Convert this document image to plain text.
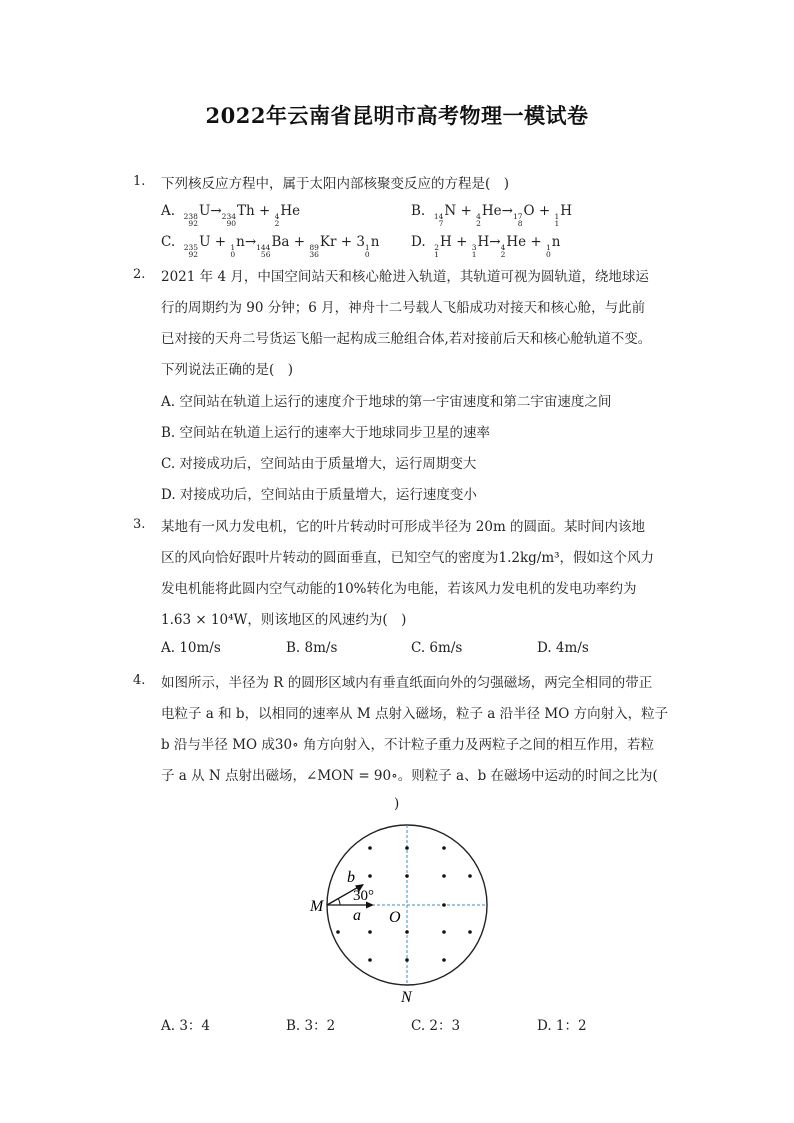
2022年云南省昆明市高考物理一模试卷
1. 下列核反应方程中，属于太阳内部核聚变反应的方程是(　)
A. 238
92
U→ 234
90
Th + 4
2
He	B. 14
7
N + 4
2
He→ 17
8
O + 1
1
H
C. 235
92
U + 1
0
n→ 144
56
Ba + 89
36
Kr + 3 1
0
n D. 2
1
H + 3
1
H→ 4
2
He + 1
0
n
2. 2021 年 4 月，中国空间站天和核心舱进入轨道，其轨道可视为圆轨道，绕地球运
行的周期约为 90 分钟；6 月，神舟十二号载人飞船成功对接天和核心舱，与此前
已对接的天舟二号货运飞船一起构成三舱组合体,若对接前后天和核心舱轨道不变。
下列说法正确的是(　)
A. 空间站在轨道上运行的速度介于地球的第一宇宙速度和第二宇宙速度之间
B. 空间站在轨道上运行的速率大于地球同步卫星的速率
C. 对接成功后，空间站由于质量增大，运行周期变大
D. 对接成功后，空间站由于质量增大，运行速度变小
3. 某地有一风力发电机，它的叶片转动时可形成半径为 20m 的圆面。某时间内该地
区的风向恰好跟叶片转动的圆面垂直，已知空气的密度为1.2kg/m³，假如这个风力
发电机能将此圆内空气动能的10%转化为电能，若该风力发电机的发电功率约为
1.63 × 10⁴W，则该地区的风速约为(　)
A. 10m/s	B. 8m/s	C. 6m/s	D. 4m/s
4. 如图所示，半径为 R 的圆形区域内有垂直纸面向外的匀强磁场，两完全相同的带正
电粒子 a 和 b，以相同的速率从 M 点射入磁场，粒子 a 沿半径 MO 方向射入，粒子
b 沿与半径 MO 成30∘ 角方向射入，不计粒子重力及两粒子之间的相互作用，若粒
子 a 从 N 点射出磁场，∠MON = 90∘。则粒子 a、b 在磁场中运动的时间之比为(
)
M
N
O
a
b
30°
A. 3：4	B. 3：2	C. 2：3	D. 1：2
